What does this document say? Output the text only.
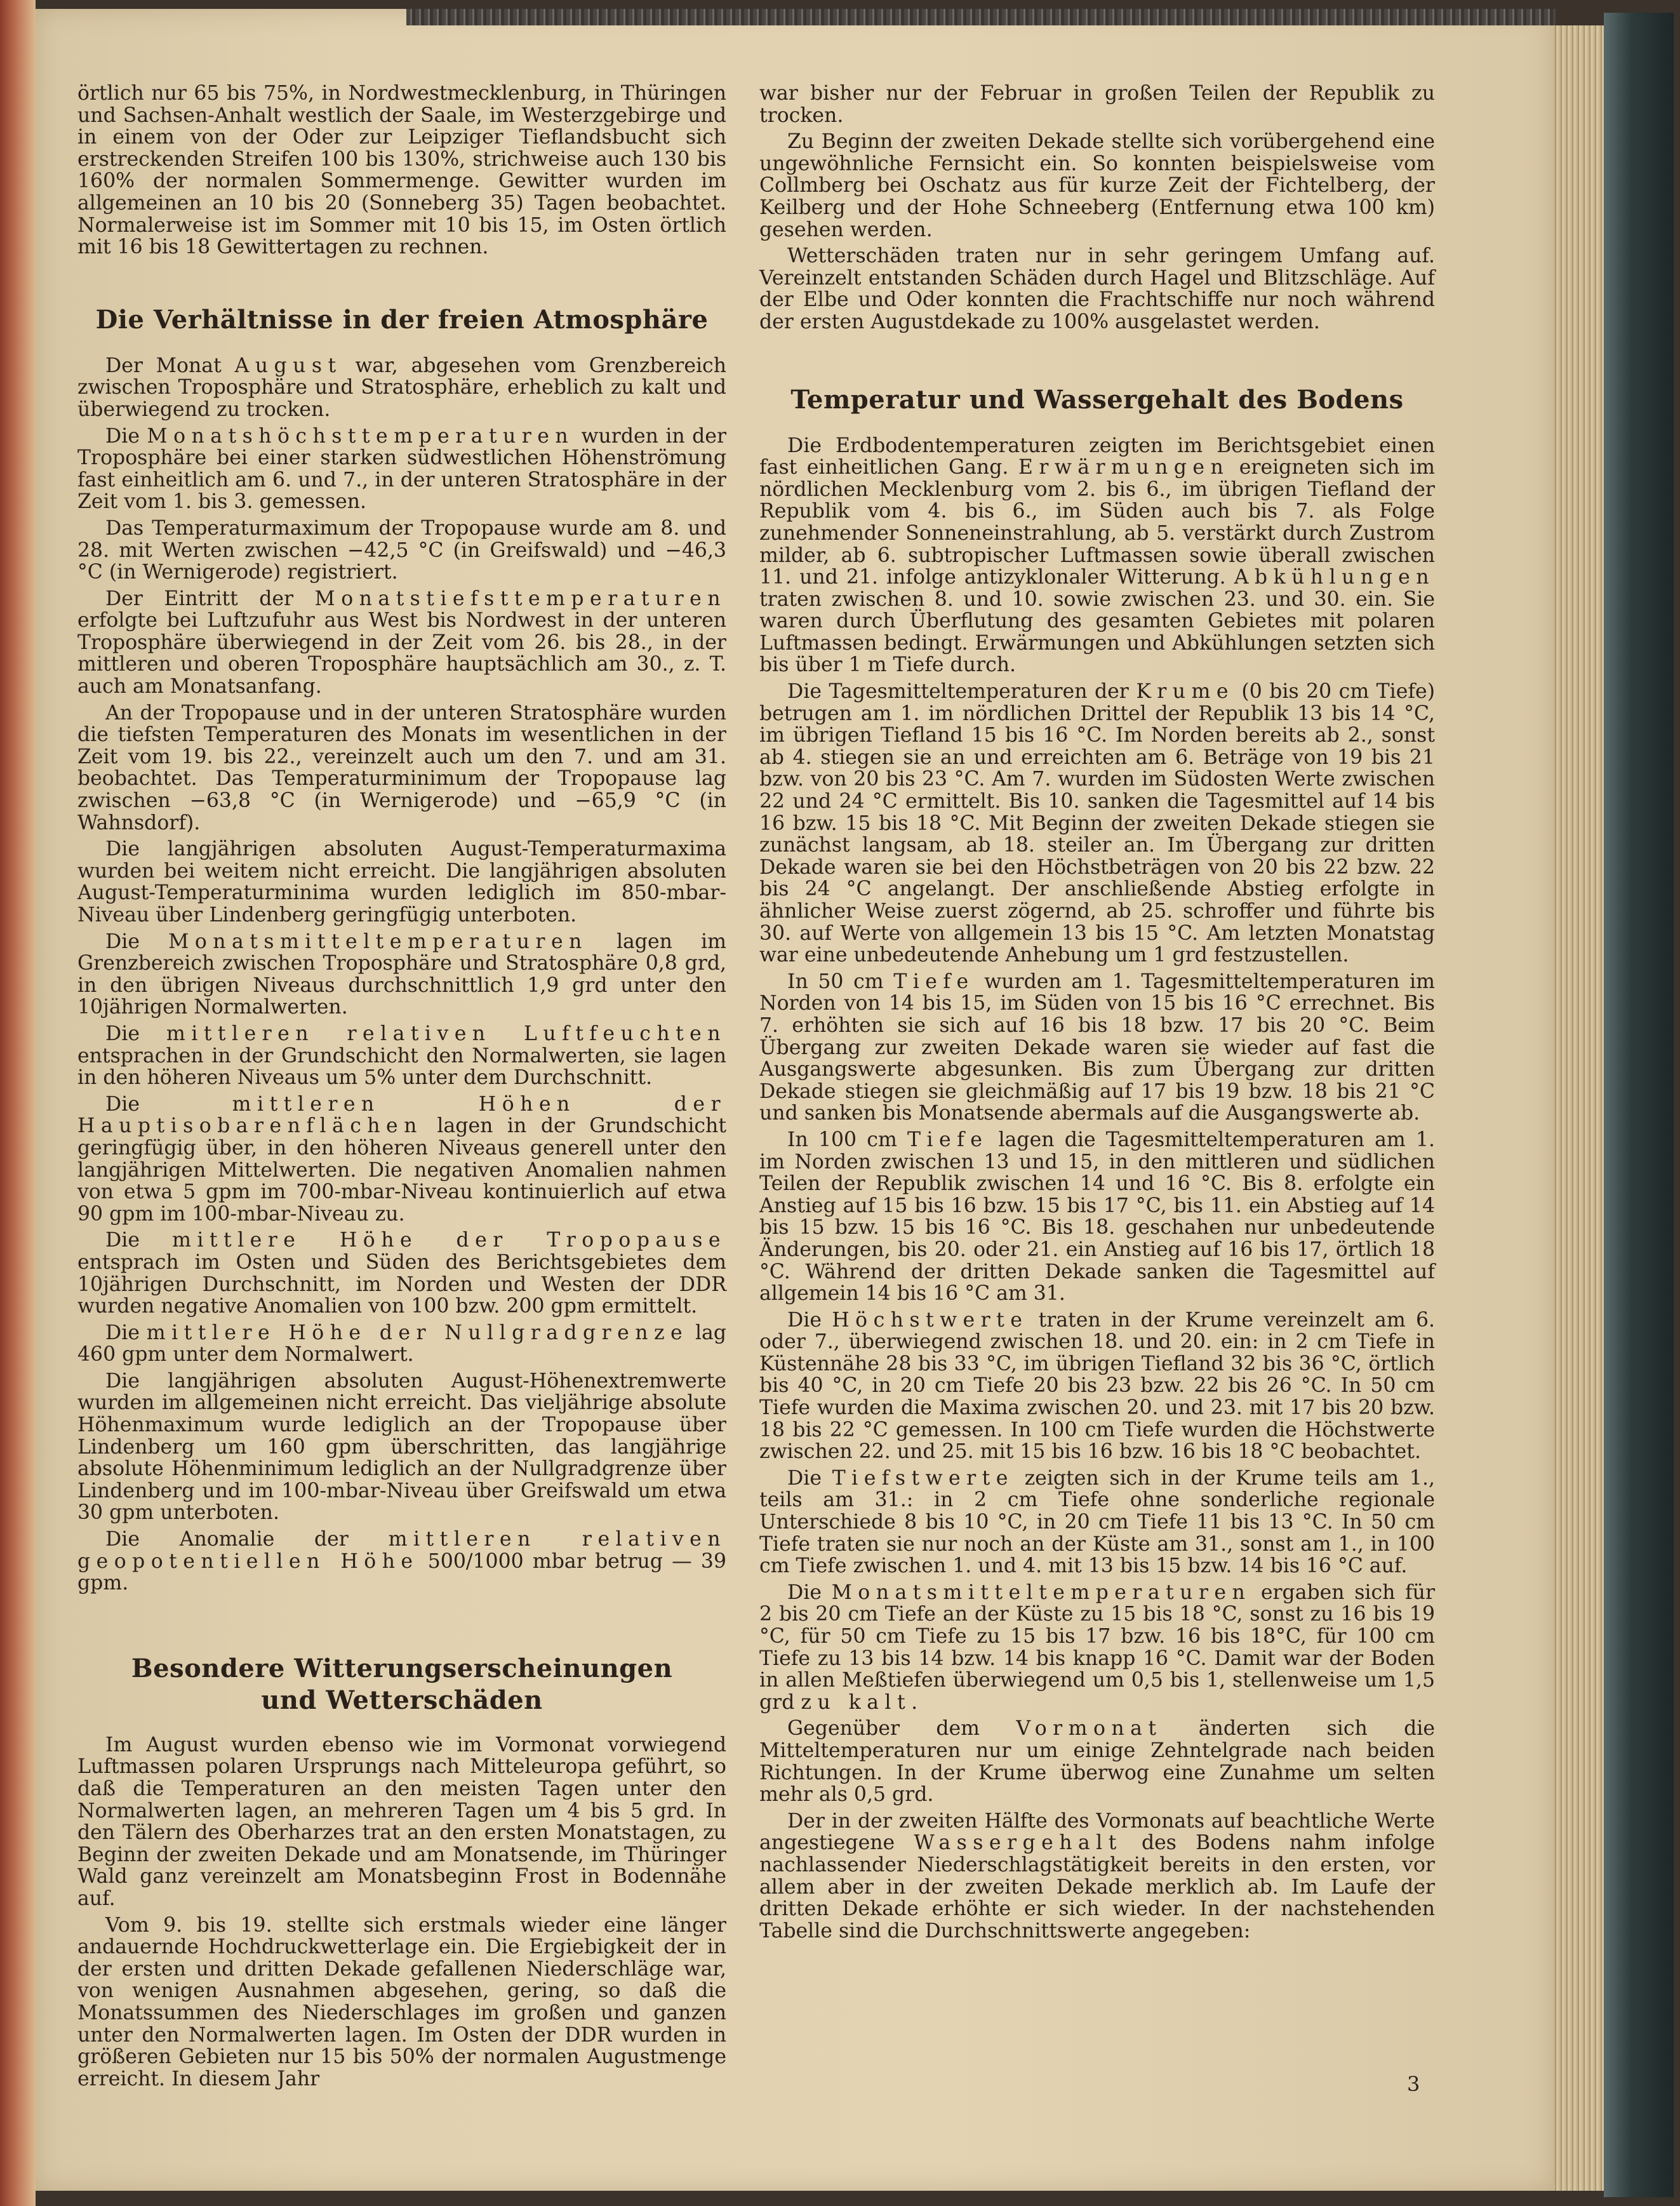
örtlich nur 65 bis 75%, in Nordwestmecklenburg, in Thüringen und Sachsen-Anhalt westlich der Saale, im Westerzgebirge und in einem von der Oder zur Leipziger Tieflandsbucht sich erstreckenden Streifen 100 bis 130%, strichweise auch 130 bis 160% der normalen Sommermenge. Gewitter wurden im allgemeinen an 10 bis 20 (Sonneberg 35) Tagen beobachtet. Normalerweise ist im Sommer mit 10 bis 15, im Osten örtlich mit 16 bis 18 Gewittertagen zu rechnen.

Die Verhältnisse in der freien Atmosphäre

Der Monat August war, abgesehen vom Grenzbereich zwischen Troposphäre und Stratosphäre, erheblich zu kalt und überwiegend zu trocken.

Die Monatshöchsttemperaturen wurden in der Troposphäre bei einer starken südwestlichen Höhenströmung fast einheitlich am 6. und 7., in der unteren Stratosphäre in der Zeit vom 1. bis 3. gemessen.

Das Temperaturmaximum der Tropopause wurde am 8. und 28. mit Werten zwischen −42,5 °C (in Greifswald) und −46,3 °C (in Wernigerode) registriert.

Der Eintritt der Monatstiefsttemperaturen erfolgte bei Luftzufuhr aus West bis Nordwest in der unteren Troposphäre überwiegend in der Zeit vom 26. bis 28., in der mittleren und oberen Troposphäre hauptsächlich am 30., z. T. auch am Monatsanfang.

An der Tropopause und in der unteren Stratosphäre wurden die tiefsten Temperaturen des Monats im wesentlichen in der Zeit vom 19. bis 22., vereinzelt auch um den 7. und am 31. beobachtet. Das Temperaturminimum der Tropopause lag zwischen −63,8 °C (in Wernigerode) und −65,9 °C (in Wahnsdorf).

Die langjährigen absoluten August-Temperaturmaxima wurden bei weitem nicht erreicht. Die langjährigen absoluten August-Temperaturminima wurden lediglich im 850-mbar-Niveau über Lindenberg geringfügig unterboten.

Die Monatsmitteltemperaturen lagen im Grenzbereich zwischen Troposphäre und Stratosphäre 0,8 grd, in den übrigen Niveaus durchschnittlich 1,9 grd unter den 10jährigen Normalwerten.

Die mittleren relativen Luftfeuchten entsprachen in der Grundschicht den Normalwerten, sie lagen in den höheren Niveaus um 5% unter dem Durchschnitt.

Die mittleren Höhen der Hauptisobarenflächen lagen in der Grundschicht geringfügig über, in den höheren Niveaus generell unter den langjährigen Mittelwerten. Die negativen Anomalien nahmen von etwa 5 gpm im 700-mbar-Niveau kontinuierlich auf etwa 90 gpm im 100-mbar-Niveau zu.

Die mittlere Höhe der Tropopause entsprach im Osten und Süden des Berichtsgebietes dem 10jährigen Durchschnitt, im Norden und Westen der DDR wurden negative Anomalien von 100 bzw. 200 gpm ermittelt.

Die mittlere Höhe der Nullgradgrenze lag 460 gpm unter dem Normalwert.

Die langjährigen absoluten August-Höhenextremwerte wurden im allgemeinen nicht erreicht. Das vieljährige absolute Höhenmaximum wurde lediglich an der Tropopause über Lindenberg um 160 gpm überschritten, das langjährige absolute Höhenminimum lediglich an der Nullgradgrenze über Lindenberg und im 100-mbar-Niveau über Greifswald um etwa 30 gpm unterboten.

Die Anomalie der mittleren relativen geopotentiellen Höhe 500/1000 mbar betrug — 39 gpm.

Besondere Witterungserscheinungen
und Wetterschäden

Im August wurden ebenso wie im Vormonat vorwiegend Luftmassen polaren Ursprungs nach Mitteleuropa geführt, so daß die Temperaturen an den meisten Tagen unter den Normalwerten lagen, an mehreren Tagen um 4 bis 5 grd. In den Tälern des Oberharzes trat an den ersten Monatstagen, zu Beginn der zweiten Dekade und am Monatsende, im Thüringer Wald ganz vereinzelt am Monatsbeginn Frost in Bodennähe auf.

Vom 9. bis 19. stellte sich erstmals wieder eine länger andauernde Hochdruckwetterlage ein. Die Ergiebigkeit der in der ersten und dritten Dekade gefallenen Niederschläge war, von wenigen Ausnahmen abgesehen, gering, so daß die Monatssummen des Niederschlages im großen und ganzen unter den Normalwerten lagen. Im Osten der DDR wurden in größeren Gebieten nur 15 bis 50% der normalen Augustmenge erreicht. In diesem Jahr

war bisher nur der Februar in großen Teilen der Republik zu trocken.

Zu Beginn der zweiten Dekade stellte sich vorübergehend eine ungewöhnliche Fernsicht ein. So konnten beispielsweise vom Collmberg bei Oschatz aus für kurze Zeit der Fichtelberg, der Keilberg und der Hohe Schneeberg (Entfernung etwa 100 km) gesehen werden.

Wetterschäden traten nur in sehr geringem Umfang auf. Vereinzelt entstanden Schäden durch Hagel und Blitzschläge. Auf der Elbe und Oder konnten die Frachtschiffe nur noch während der ersten Augustdekade zu 100% ausgelastet werden.

Temperatur und Wassergehalt des Bodens

Die Erdbodentemperaturen zeigten im Berichtsgebiet einen fast einheitlichen Gang. Erwärmungen ereigneten sich im nördlichen Mecklenburg vom 2. bis 6., im übrigen Tiefland der Republik vom 4. bis 6., im Süden auch bis 7. als Folge zunehmender Sonneneinstrahlung, ab 5. verstärkt durch Zustrom milder, ab 6. subtropischer Luftmassen sowie überall zwischen 11. und 21. infolge antizyklonaler Witterung. Abkühlungen traten zwischen 8. und 10. sowie zwischen 23. und 30. ein. Sie waren durch Überflutung des gesamten Gebietes mit polaren Luftmassen bedingt. Erwärmungen und Abkühlungen setzten sich bis über 1 m Tiefe durch.

Die Tagesmitteltemperaturen der Krume (0 bis 20 cm Tiefe) betrugen am 1. im nördlichen Drittel der Republik 13 bis 14 °C, im übrigen Tiefland 15 bis 16 °C. Im Norden bereits ab 2., sonst ab 4. stiegen sie an und erreichten am 6. Beträge von 19 bis 21 bzw. von 20 bis 23 °C. Am 7. wurden im Südosten Werte zwischen 22 und 24 °C ermittelt. Bis 10. sanken die Tagesmittel auf 14 bis 16 bzw. 15 bis 18 °C. Mit Beginn der zweiten Dekade stiegen sie zunächst langsam, ab 18. steiler an. Im Übergang zur dritten Dekade waren sie bei den Höchstbeträgen von 20 bis 22 bzw. 22 bis 24 °C angelangt. Der anschließende Abstieg erfolgte in ähnlicher Weise zuerst zögernd, ab 25. schroffer und führte bis 30. auf Werte von allgemein 13 bis 15 °C. Am letzten Monatstag war eine unbedeutende Anhebung um 1 grd festzustellen.

In 50 cm Tiefe wurden am 1. Tagesmitteltemperaturen im Norden von 14 bis 15, im Süden von 15 bis 16 °C errechnet. Bis 7. erhöhten sie sich auf 16 bis 18 bzw. 17 bis 20 °C. Beim Übergang zur zweiten Dekade waren sie wieder auf fast die Ausgangswerte abgesunken. Bis zum Übergang zur dritten Dekade stiegen sie gleichmäßig auf 17 bis 19 bzw. 18 bis 21 °C und sanken bis Monatsende abermals auf die Ausgangswerte ab.

In 100 cm Tiefe lagen die Tagesmitteltemperaturen am 1. im Norden zwischen 13 und 15, in den mittleren und südlichen Teilen der Republik zwischen 14 und 16 °C. Bis 8. erfolgte ein Anstieg auf 15 bis 16 bzw. 15 bis 17 °C, bis 11. ein Abstieg auf 14 bis 15 bzw. 15 bis 16 °C. Bis 18. geschahen nur unbedeutende Änderungen, bis 20. oder 21. ein Anstieg auf 16 bis 17, örtlich 18 °C. Während der dritten Dekade sanken die Tagesmittel auf allgemein 14 bis 16 °C am 31.

Die Höchstwerte traten in der Krume vereinzelt am 6. oder 7., überwiegend zwischen 18. und 20. ein: in 2 cm Tiefe in Küstennähe 28 bis 33 °C, im übrigen Tiefland 32 bis 36 °C, örtlich bis 40 °C, in 20 cm Tiefe 20 bis 23 bzw. 22 bis 26 °C. In 50 cm Tiefe wurden die Maxima zwischen 20. und 23. mit 17 bis 20 bzw. 18 bis 22 °C gemessen. In 100 cm Tiefe wurden die Höchstwerte zwischen 22. und 25. mit 15 bis 16 bzw. 16 bis 18 °C beobachtet.

Die Tiefstwerte zeigten sich in der Krume teils am 1., teils am 31.: in 2 cm Tiefe ohne sonderliche regionale Unterschiede 8 bis 10 °C, in 20 cm Tiefe 11 bis 13 °C. In 50 cm Tiefe traten sie nur noch an der Küste am 31., sonst am 1., in 100 cm Tiefe zwischen 1. und 4. mit 13 bis 15 bzw. 14 bis 16 °C auf.

Die Monatsmitteltemperaturen ergaben sich für 2 bis 20 cm Tiefe an der Küste zu 15 bis 18 °C, sonst zu 16 bis 19 °C, für 50 cm Tiefe zu 15 bis 17 bzw. 16 bis 18°C, für 100 cm Tiefe zu 13 bis 14 bzw. 14 bis knapp 16 °C. Damit war der Boden in allen Meßtiefen überwiegend um 0,5 bis 1, stellenweise um 1,5 grd zu kalt.

Gegenüber dem Vormonat änderten sich die Mitteltemperaturen nur um einige Zehntelgrade nach beiden Richtungen. In der Krume überwog eine Zunahme um selten mehr als 0,5 grd.

Der in der zweiten Hälfte des Vormonats auf beachtliche Werte angestiegene Wassergehalt des Bodens nahm infolge nachlassender Niederschlagstätigkeit bereits in den ersten, vor allem aber in der zweiten Dekade merklich ab. Im Laufe der dritten Dekade erhöhte er sich wieder. In der nachstehenden Tabelle sind die Durchschnittswerte angegeben:

3
